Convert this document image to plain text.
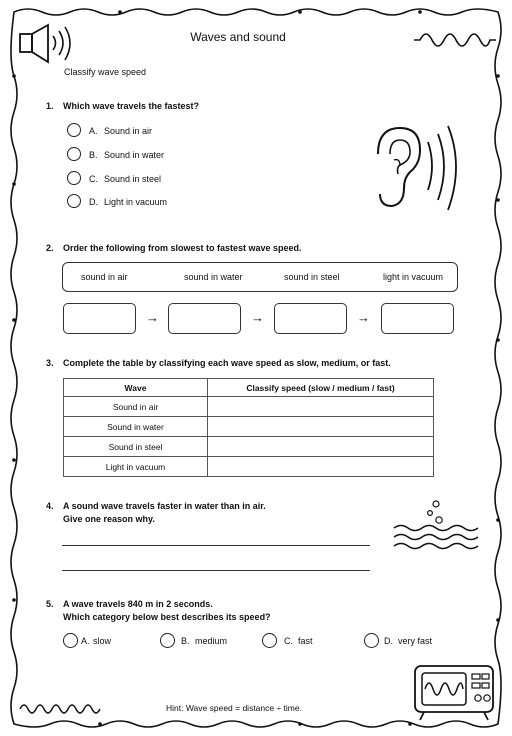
Waves and sound
Classify wave speed
1. Which wave travels the fastest?
A. Sound in air
B. Sound in water
C. Sound in steel
D. Light in vacuum
2. Order the following from slowest to fastest wave speed.
sound in air	sound in water	sound in steel	light in vacuum
→	→	→
3. Complete the table by classifying each wave speed as slow, medium, or fast.
Wave	Classify speed (slow / medium / fast)
Sound in air	
Sound in water	
Sound in steel	
Light in vacuum	
4. A sound wave travels faster in water than in air.
Give one reason why.
5. A wave travels 840 m in 2 seconds.
Which category below best describes its speed?
A. slow	B. medium	C. fast	D. very fast
Hint: Wave speed = distance ÷ time.
